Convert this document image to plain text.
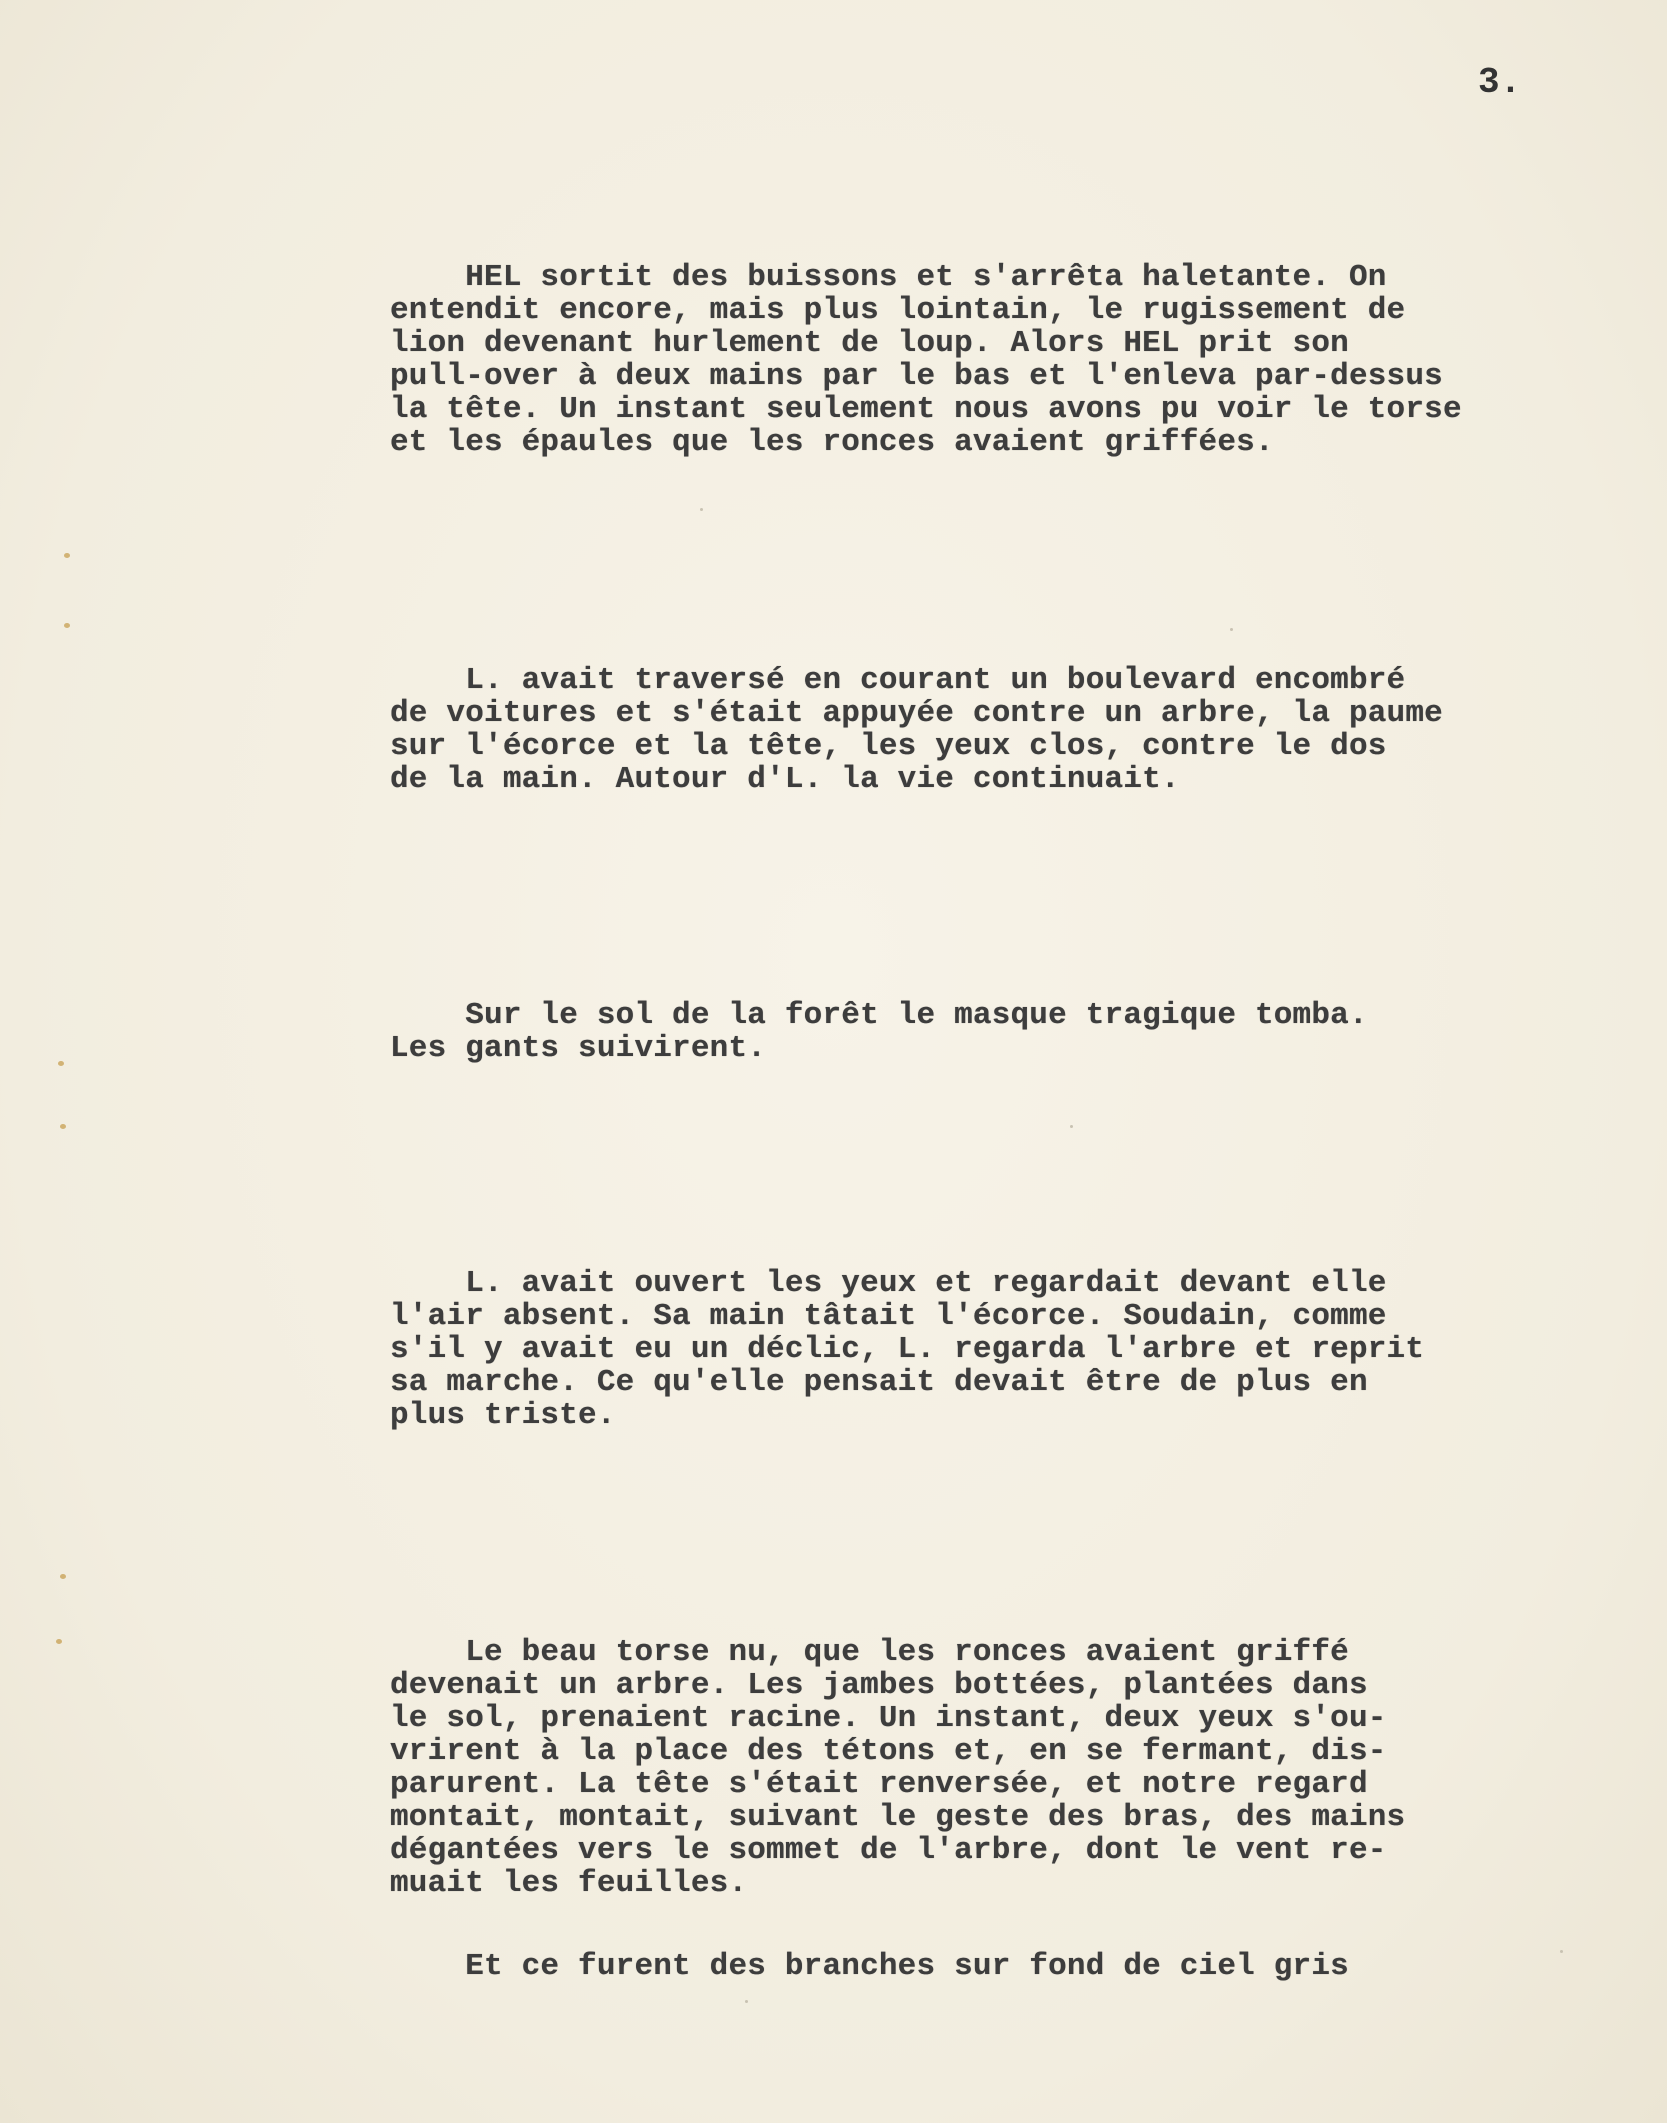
3.
HEL sortit des buissons et s'arrêta haletante. On
entendit encore, mais plus lointain, le rugissement de
lion devenant hurlement de loup. Alors HEL prit son
pull-over à deux mains par le bas et l'enleva par-dessus
la tête. Un instant seulement nous avons pu voir le torse
et les épaules que les ronces avaient griffées.
L. avait traversé en courant un boulevard encombré
de voitures et s'était appuyée contre un arbre, la paume
sur l'écorce et la tête, les yeux clos, contre le dos
de la main. Autour d'L. la vie continuait.
Sur le sol de la forêt le masque tragique tomba.
Les gants suivirent.
L. avait ouvert les yeux et regardait devant elle
l'air absent. Sa main tâtait l'écorce. Soudain, comme
s'il y avait eu un déclic, L. regarda l'arbre et reprit
sa marche. Ce qu'elle pensait devait être de plus en
plus triste.
Le beau torse nu, que les ronces avaient griffé
devenait un arbre. Les jambes bottées, plantées dans
le sol, prenaient racine. Un instant, deux yeux s'ou-
vrirent à la place des tétons et, en se fermant, dis-
parurent. La tête s'était renversée, et notre regard
montait, montait, suivant le geste des bras, des mains
dégantées vers le sommet de l'arbre, dont le vent re-
muait les feuilles.
Et ce furent des branches sur fond de ciel gris
